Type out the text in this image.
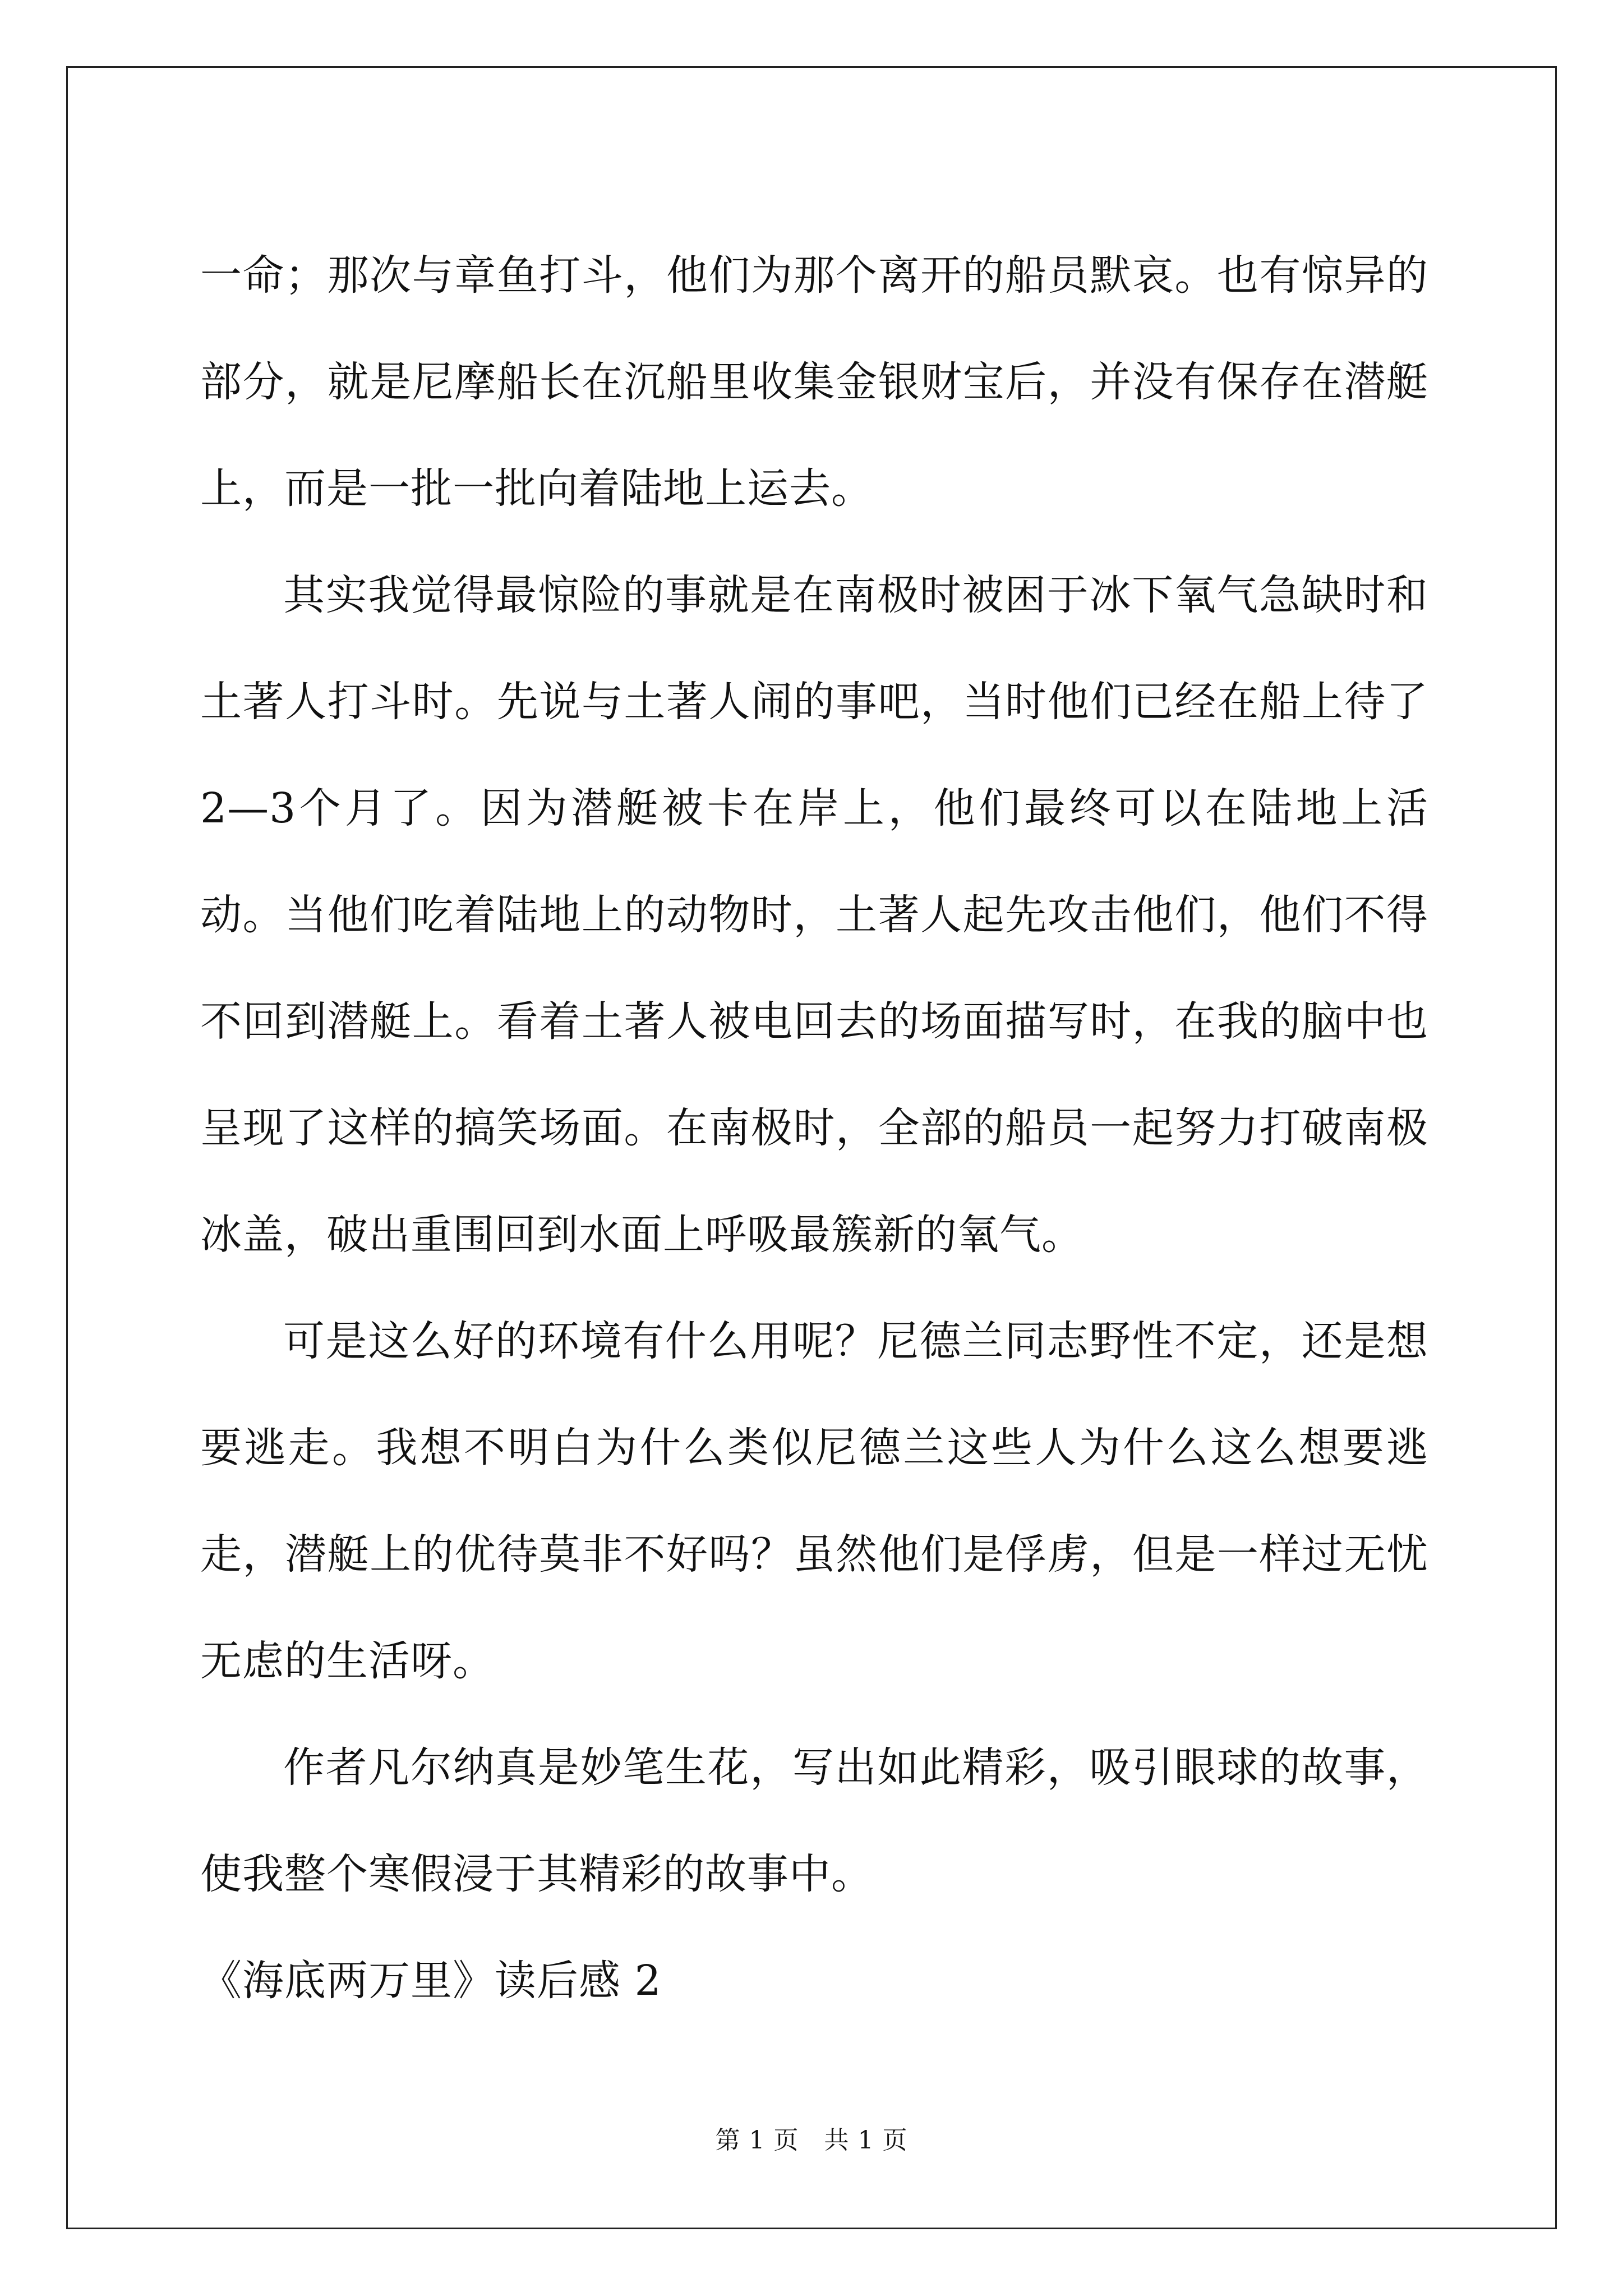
一命；那次与章鱼打斗，他们为那个离开的船员默哀。也有惊异的部分，就是尼摩船长在沉船里收集金银财宝后，并没有保存在潜艇上，而是一批一批向着陆地上运去。

其实我觉得最惊险的事就是在南极时被困于冰下氧气急缺时和土著人打斗时。先说与土著人闹的事吧，当时他们已经在船上待了 2—3个月了。因为潜艇被卡在岸上，他们最终可以在陆地上活动。当他们吃着陆地上的动物时，土著人起先攻击他们，他们不得不回到潜艇上。看着土著人被电回去的场面描写时，在我的脑中也呈现了这样的搞笑场面。在南极时，全部的船员一起努力打破南极冰盖，破出重围回到水面上呼吸最簇新的氧气。

可是这么好的环境有什么用呢？尼德兰同志野性不定，还是想要逃走。我想不明白为什么类似尼德兰这些人为什么这么想要逃走，潜艇上的优待莫非不好吗？虽然他们是俘虏，但是一样过无忧无虑的生活呀。

作者凡尔纳真是妙笔生花，写出如此精彩，吸引眼球的故事，使我整个寒假浸于其精彩的故事中。

《海底两万里》读后感 2

第 1 页　共 1 页
